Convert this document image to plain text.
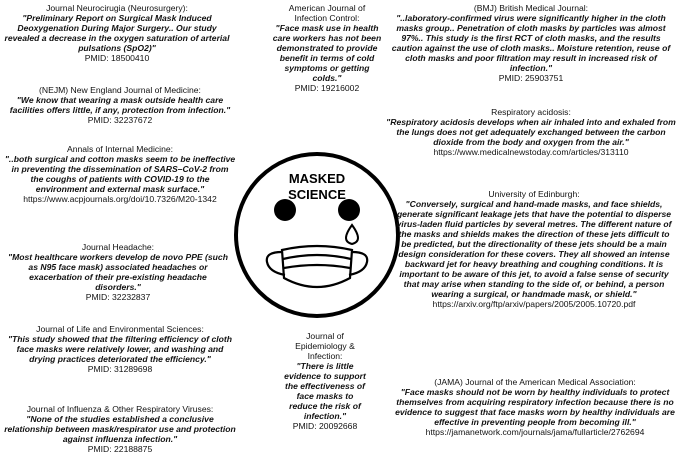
Journal Neurocirugia (Neurosurgery):
"Preliminary Report on Surgical Mask Induced Deoxygenation During Major Surgery.. Our study revealed a decrease in the oxygen saturation of arterial pulsations (SpO2)"
PMID: 18500410
(NEJM) New England Journal of Medicine:
"We know that wearing a mask outside health care facilities offers little, if any, protection from infection."
PMID: 32237672
Annals of Internal Medicine:
"..both surgical and cotton masks seem to be ineffective in preventing the dissemination of SARS–CoV-2 from the coughs of patients with COVID-19 to the environment and external mask surface."
https://www.acpjournals.org/doi/10.7326/M20-1342
Journal Headache:
"Most healthcare workers develop de novo PPE (such as N95 face mask) associated headaches or exacerbation of their pre-existing headache disorders."
PMID: 32232837
Journal of Life and Environmental Sciences:
"This study showed that the filtering efficiency of cloth face masks were relatively lower, and washing and drying practices deteriorated the efficiency."
PMID: 31289698
Journal of Influenza & Other Respiratory Viruses:
"None of the studies established a conclusive relationship between mask/respirator use and protection against influenza infection."
PMID: 22188875
American Journal of Infection Control:
"Face mask use in health care workers has not been demonstrated to provide benefit in terms of cold symptoms or getting colds."
PMID: 19216002
MASKED
SCIENCE
Journal of Epidemiology & Infection:
"There is little evidence to support the effectiveness of face masks to reduce the risk of infection."
PMID: 20092668
(BMJ) British Medical Journal:
"..laboratory-confirmed virus were significantly higher in the cloth masks group.. Penetration of cloth masks by particles was almost 97%.. This study is the first RCT of cloth masks, and the results caution against the use of cloth masks.. Moisture retention, reuse of cloth masks and poor filtration may result in increased risk of infection."
PMID: 25903751
Respiratory acidosis:
"Respiratory acidosis develops when air inhaled into and exhaled from the lungs does not get adequately exchanged between the carbon dioxide from the body and oxygen from the air."
https://www.medicalnewstoday.com/articles/313110
University of Edinburgh:
"Conversely, surgical and hand-made masks, and face shields, generate significant leakage jets that have the potential to disperse virus-laden fluid particles by several metres. The different nature of the masks and shields makes the direction of these jets difficult to be predicted, but the directionality of these jets should be a main design consideration for these covers. They all showed an intense backward jet for heavy breathing and coughing conditions. It is important to be aware of this jet, to avoid a false sense of security that may arise when standing to the side of, or behind, a person wearing a surgical, or handmade mask, or shield."
https://arxiv.org/ftp/arxiv/papers/2005/2005.10720.pdf
(JAMA) Journal of the American Medical Association:
"Face masks should not be worn by healthy individuals to protect themselves from acquiring respiratory infection because there is no evidence to suggest that face masks worn by healthy individuals are effective in preventing people from becoming ill."
https://jamanetwork.com/journals/jama/fullarticle/2762694
